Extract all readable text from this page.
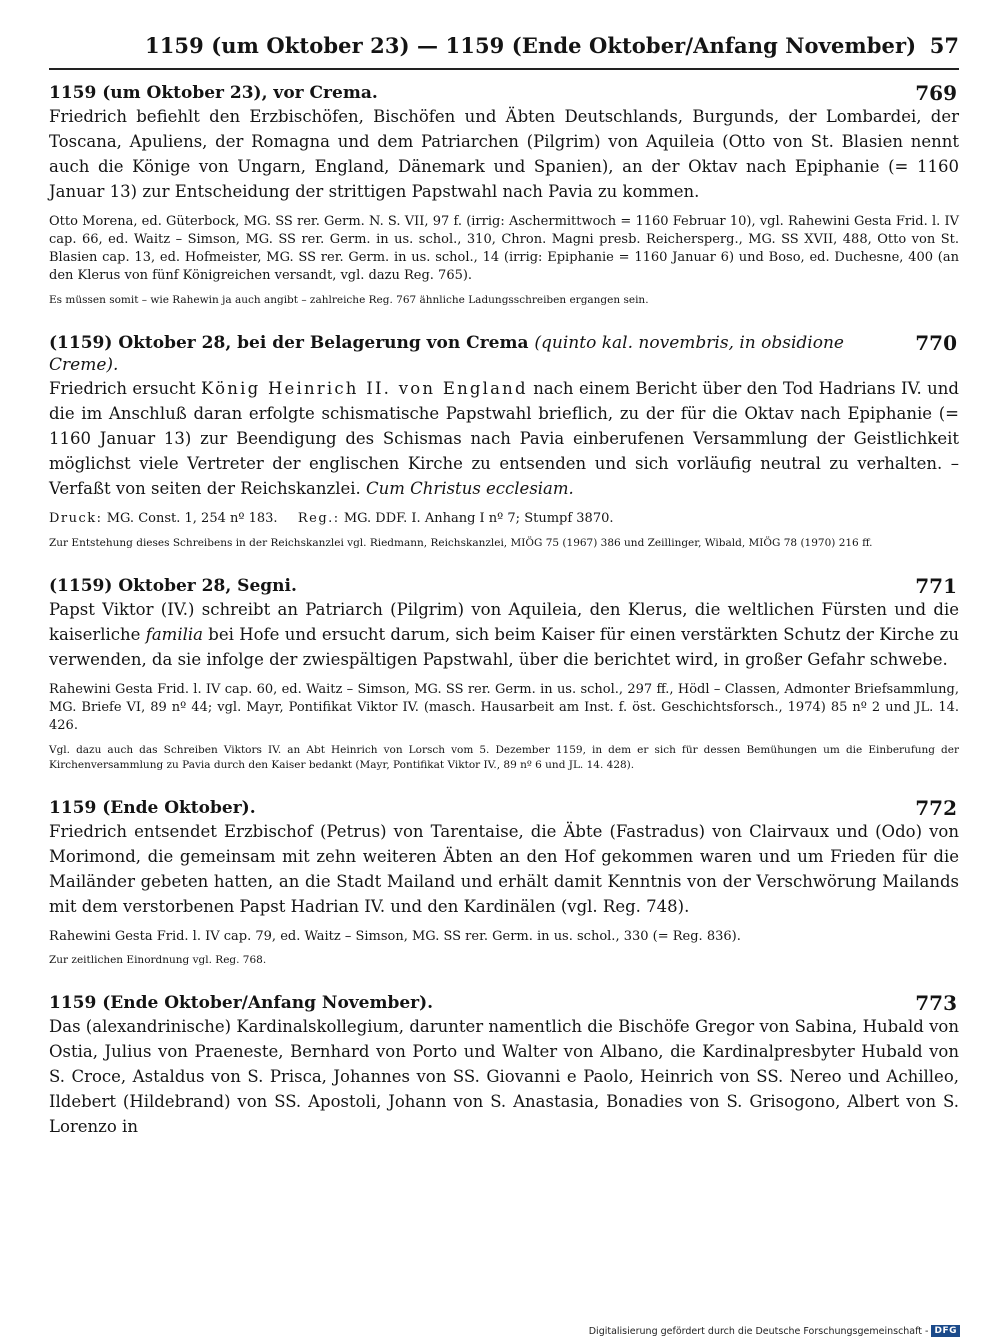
1159 (um Oktober 23) — 1159 (Ende Oktober/Anfang November) 57
1159 (um Oktober 23), vor Crema.	769
Friedrich befiehlt den Erzbischöfen, Bischöfen und Äbten Deutschlands, Burgunds, der Lombardei, der Toscana, Apuliens, der Romagna und dem Patriarchen (Pilgrim) von Aquileia (Otto von St. Blasien nennt auch die Könige von Ungarn, England, Dänemark und Spanien), an der Oktav nach Epiphanie (= 1160 Januar 13) zur Entscheidung der strittigen Papstwahl nach Pavia zu kommen.
Otto Morena, ed. Güterbock, MG. SS rer. Germ. N. S. VII, 97 f. (irrig: Aschermittwoch = 1160 Februar 10), vgl. Rahewini Gesta Frid. l. IV cap. 66, ed. Waitz – Simson, MG. SS rer. Germ. in us. schol., 310, Chron. Magni presb. Reichersperg., MG. SS XVII, 488, Otto von St. Blasien cap. 13, ed. Hofmeister, MG. SS rer. Germ. in us. schol., 14 (irrig: Epiphanie = 1160 Januar 6) und Boso, ed. Duchesne, 400 (an den Klerus von fünf Königreichen versandt, vgl. dazu Reg. 765).
Es müssen somit – wie Rahewin ja auch angibt – zahlreiche Reg. 767 ähnliche Ladungsschreiben ergangen sein.
(1159) Oktober 28, bei der Belagerung von Crema (quinto kal. novembris, in obsidione Creme).
770
Friedrich ersucht König Heinrich II. von England nach einem Bericht über den Tod Hadrians IV. und die im Anschluß daran erfolgte schismatische Papstwahl brieflich, zu der für die Oktav nach Epiphanie (= 1160 Januar 13) zur Beendigung des Schismas nach Pavia einberufenen Versammlung der Geistlichkeit möglichst viele Vertreter der englischen Kirche zu entsenden und sich vorläufig neutral zu verhalten. – Verfaßt von seiten der Reichskanzlei. Cum Christus ecclesiam.
Druck: MG. Const. 1, 254 nº 183. Reg.: MG. DDF. I. Anhang I nº 7; Stumpf 3870.
Zur Entstehung dieses Schreibens in der Reichskanzlei vgl. Riedmann, Reichskanzlei, MIÖG 75 (1967) 386 und Zeillinger, Wibald, MIÖG 78 (1970) 216 ff.
(1159) Oktober 28, Segni.	771
Papst Viktor (IV.) schreibt an Patriarch (Pilgrim) von Aquileia, den Klerus, die weltlichen Fürsten und die kaiserliche familia bei Hofe und ersucht darum, sich beim Kaiser für einen verstärkten Schutz der Kirche zu verwenden, da sie infolge der zwiespältigen Papstwahl, über die berichtet wird, in großer Gefahr schwebe.
Rahewini Gesta Frid. l. IV cap. 60, ed. Waitz – Simson, MG. SS rer. Germ. in us. schol., 297 ff., Hödl – Classen, Admonter Briefsammlung, MG. Briefe VI, 89 nº 44; vgl. Mayr, Pontifikat Viktor IV. (masch. Hausarbeit am Inst. f. öst. Geschichtsforsch., 1974) 85 nº 2 und JL. 14. 426.
Vgl. dazu auch das Schreiben Viktors IV. an Abt Heinrich von Lorsch vom 5. Dezember 1159, in dem er sich für dessen Bemühungen um die Einberufung der Kirchenversammlung zu Pavia durch den Kaiser bedankt (Mayr, Pontifikat Viktor IV., 89 nº 6 und JL. 14. 428).
1159 (Ende Oktober).	772
Friedrich entsendet Erzbischof (Petrus) von Tarentaise, die Äbte (Fastradus) von Clairvaux und (Odo) von Morimond, die gemeinsam mit zehn weiteren Äbten an den Hof gekommen waren und um Frieden für die Mailänder gebeten hatten, an die Stadt Mailand und erhält damit Kenntnis von der Verschwörung Mailands mit dem verstorbenen Papst Hadrian IV. und den Kardinälen (vgl. Reg. 748).
Rahewini Gesta Frid. l. IV cap. 79, ed. Waitz – Simson, MG. SS rer. Germ. in us. schol., 330 (= Reg. 836).
Zur zeitlichen Einordnung vgl. Reg. 768.
1159 (Ende Oktober/Anfang November).	773
Das (alexandrinische) Kardinalskollegium, darunter namentlich die Bischöfe Gregor von Sabina, Hubald von Ostia, Julius von Praeneste, Bernhard von Porto und Walter von Albano, die Kardinalpresbyter Hubald von S. Croce, Astaldus von S. Prisca, Johannes von SS. Giovanni e Paolo, Heinrich von SS. Nereo und Achilleo, Ildebert (Hildebrand) von SS. Apostoli, Johann von S. Anastasia, Bonadies von S. Grisogono, Albert von S. Lorenzo in
Digitalisierung gefördert durch die Deutsche Forschungsgemeinschaft - DFG
